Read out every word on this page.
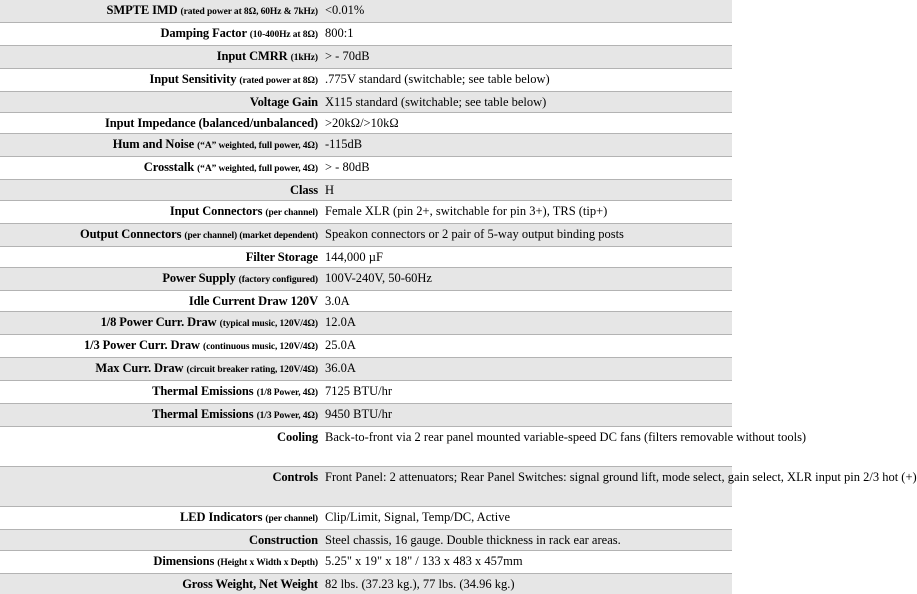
SMPTE IMD (rated power at 8Ω, 60Hz & 7kHz)	<0.01%
Damping Factor (10-400Hz at 8Ω)	800:1
Input CMRR (1kHz)	> - 70dB
Input Sensitivity (rated power at 8Ω)	.775V standard (switchable; see table below)
Voltage Gain	X115 standard (switchable; see table below)
Input Impedance (balanced/unbalanced)	>20kΩ/>10kΩ
Hum and Noise (“A” weighted, full power, 4Ω)	-115dB
Crosstalk (“A” weighted, full power, 4Ω)	> - 80dB
Class	H
Input Connectors (per channel)	Female XLR (pin 2+, switchable for pin 3+), TRS (tip+)
Output Connectors (per channel) (market dependent)	Speakon connectors or 2 pair of 5-way output binding posts
Filter Storage	144,000 µF
Power Supply (factory configured)	100V-240V, 50-60Hz
Idle Current Draw 120V	3.0A
1/8 Power Curr. Draw (typical music, 120V/4Ω)	12.0A
1/3 Power Curr. Draw (continuous music, 120V/4Ω)	25.0A
Max Curr. Draw (circuit breaker rating, 120V/4Ω)	36.0A
Thermal Emissions (1/8 Power, 4Ω)	7125 BTU/hr
Thermal Emissions (1/3 Power, 4Ω)	9450 BTU/hr
Cooling	Back-to-front via 2 rear panel mounted variable-speed DC fans (filters removable without tools)
Controls	Front Panel: 2 attenuators; Rear Panel Switches: signal ground lift, mode select, gain select, XLR input pin 2/3 hot (+)
LED Indicators (per channel)	Clip/Limit, Signal, Temp/DC, Active
Construction	Steel chassis, 16 gauge. Double thickness in rack ear areas.
Dimensions (Height x Width x Depth)	5.25" x 19" x 18" / 133 x 483 x 457mm
Gross Weight, Net Weight	82 lbs. (37.23 kg.), 77 lbs. (34.96 kg.)
